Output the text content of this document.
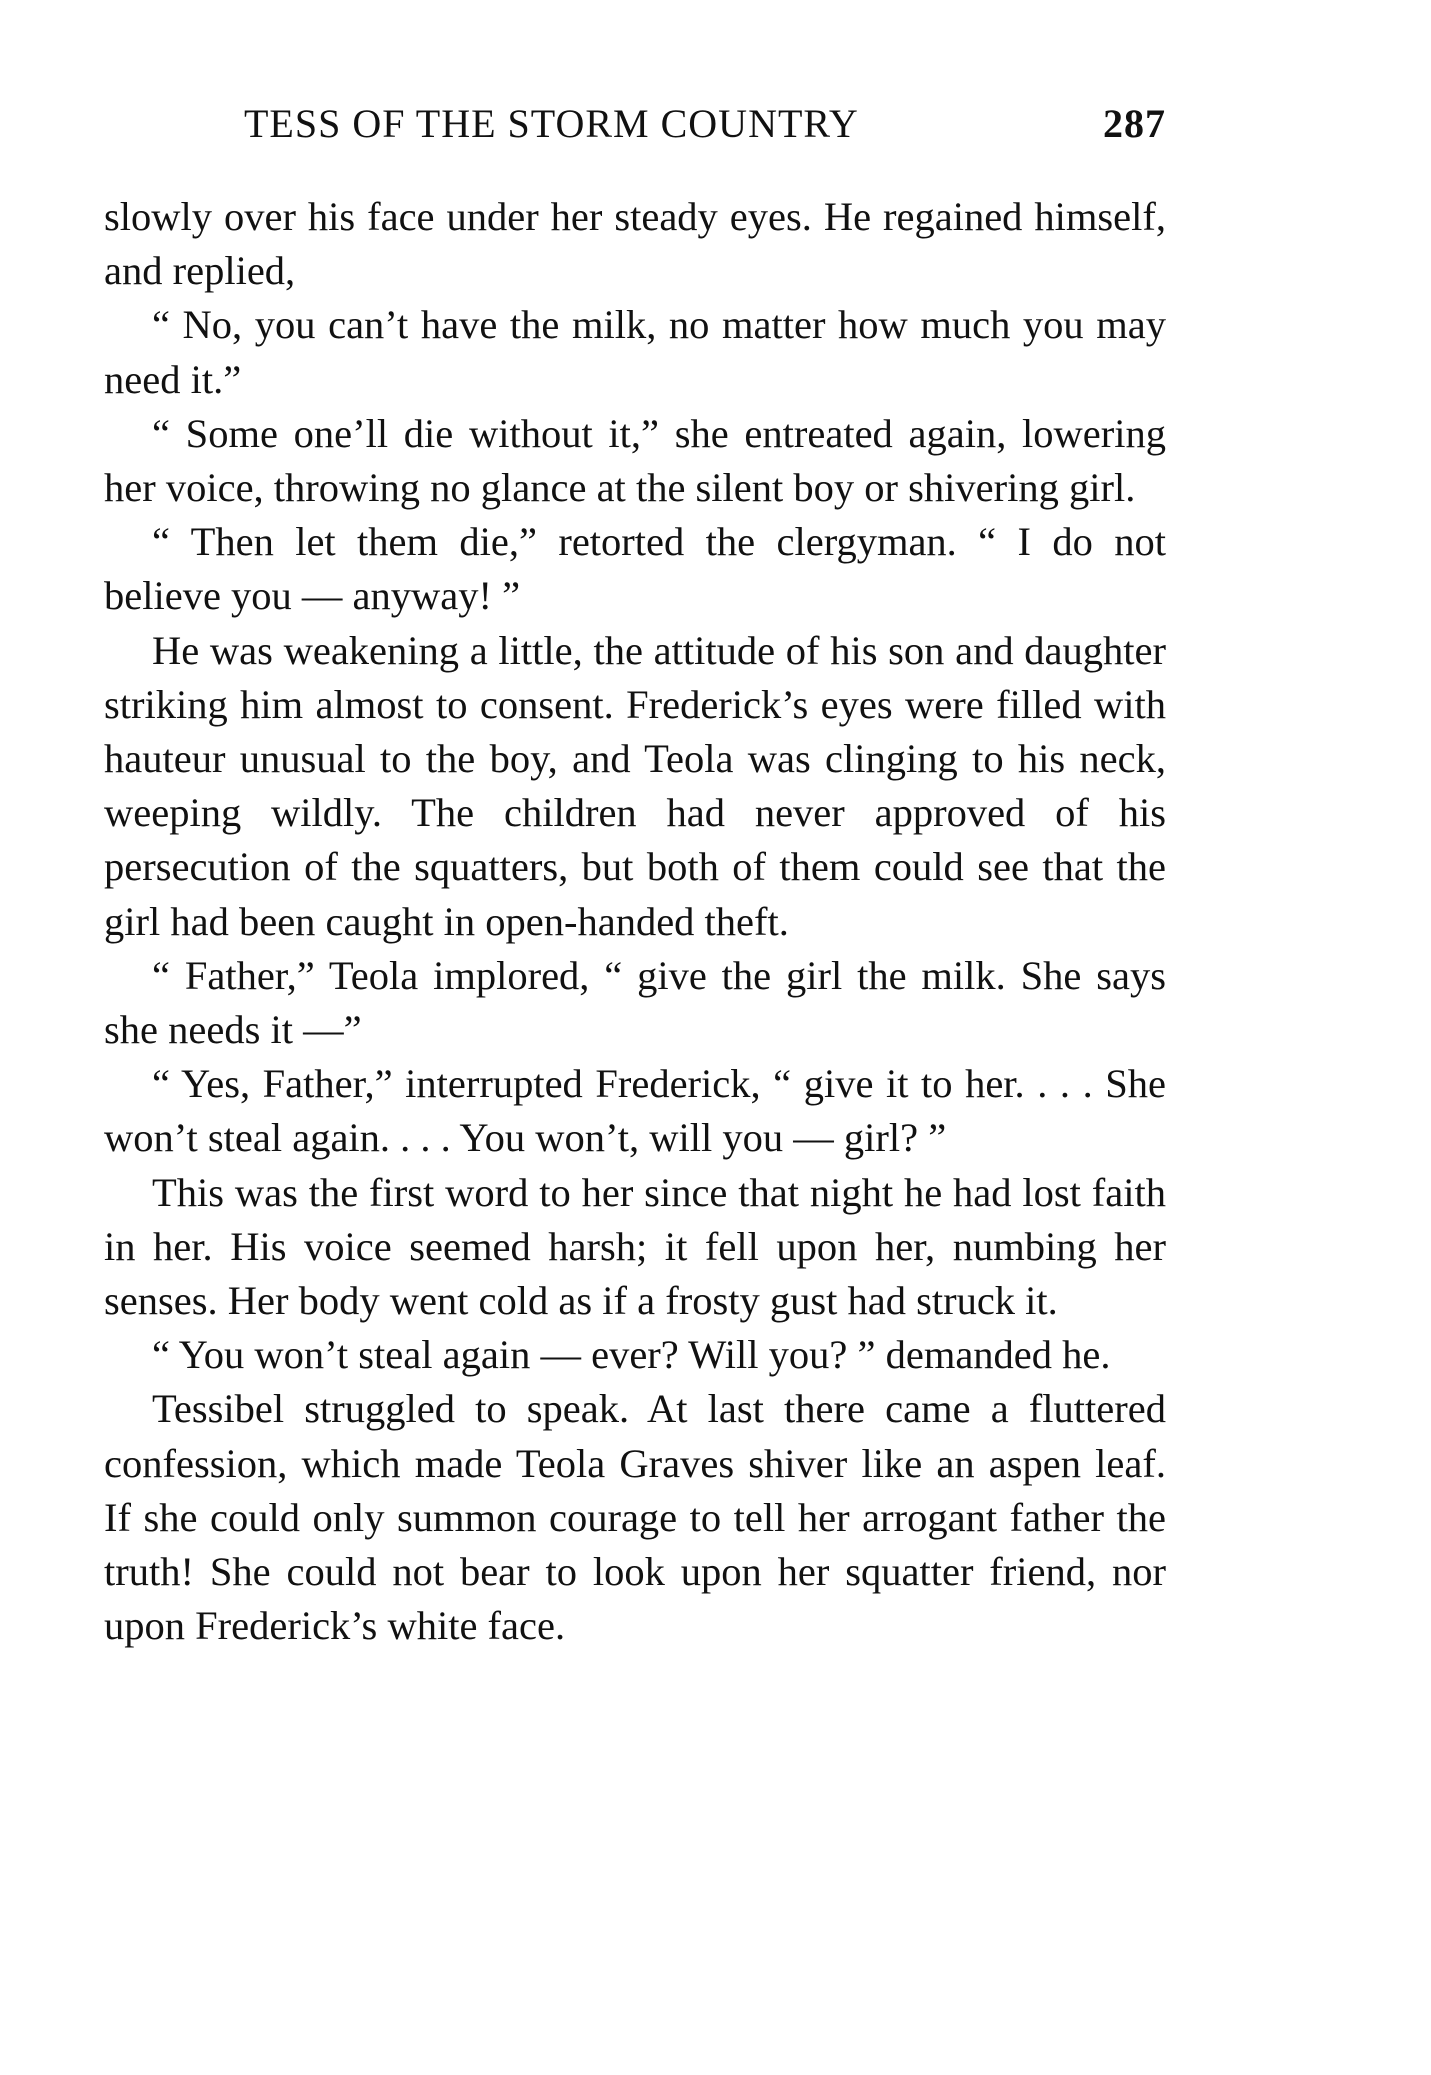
TESS OF THE STORM COUNTRY	287

slowly over his face under her steady eyes. He regained himself, and replied,

“ No, you can’t have the milk, no matter how much you may need it.”

“ Some one’ll die without it,” she entreated again, lowering her voice, throwing no glance at the silent boy or shivering girl.

“ Then let them die,” retorted the clergyman. “ I do not believe you — anyway! ”

He was weakening a little, the attitude of his son and daughter striking him almost to consent. Frederick’s eyes were filled with hauteur unusual to the boy, and Teola was clinging to his neck, weeping wildly. The children had never approved of his persecution of the squatters, but both of them could see that the girl had been caught in open-handed theft.

“ Father,” Teola implored, “ give the girl the milk. She says she needs it —”

“ Yes, Father,” interrupted Frederick, “ give it to her. . . . She won’t steal again. . . . You won’t, will you — girl? ”

This was the first word to her since that night he had lost faith in her. His voice seemed harsh; it fell upon her, numbing her senses. Her body went cold as if a frosty gust had struck it.

“ You won’t steal again — ever? Will you? ” demanded he.

Tessibel struggled to speak. At last there came a fluttered confession, which made Teola Graves shiver like an aspen leaf. If she could only summon courage to tell her arrogant father the truth! She could not bear to look upon her squatter friend, nor upon Frederick’s white face.
